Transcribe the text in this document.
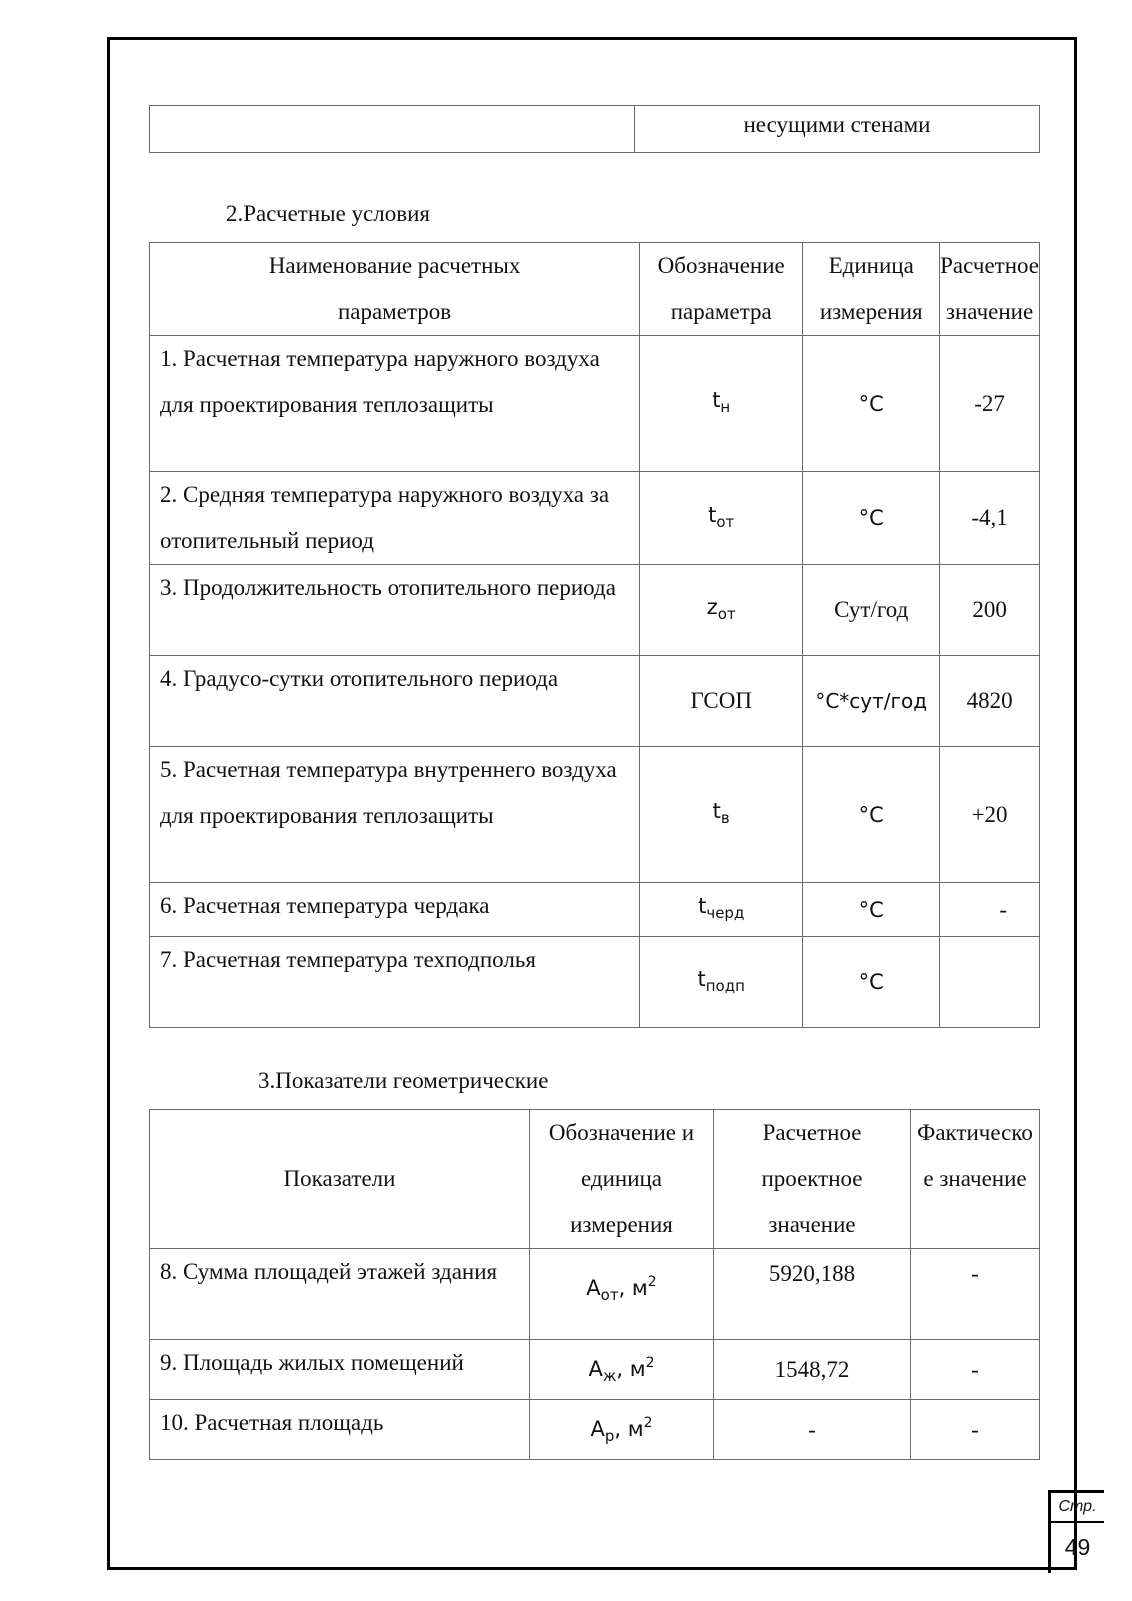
	несущими стенами
2.Расчетные условия
Наименование расчетных параметров	Обозначение параметра	Единица измерения	Расчетное значение
1. Расчетная температура наружного воздуха для проектирования теплозащиты	$t_н$	°C	-27
2. Средняя температура наружного воздуха за отопительный период	$t_{от}$	°C	-4,1
3. Продолжительность отопительного периода	$z_{от}$	Сут/год	200
4. Градусо-сутки отопительного периода	ГСОП	°C*сут/год	4820
5. Расчетная температура внутреннего воздуха для проектирования теплозащиты	$t_в$	°C	+20
6. Расчетная температура чердака	$t_{черд}$	°C	-
7. Расчетная температура техподполья	$t_{подп}$	°C	
3.Показатели геометрические
Показатели	Обозначение и единица измерения	Расчетное проектное значение	Фактическое значение
8. Сумма площадей этажей здания	$A_{от}$, $м^2$	5920,188	-
9. Площадь жилых помещений	$A_ж$, $м^2$	1548,72	-
10. Расчетная площадь	$A_р$, $м^2$	-	-
Стр.
49
